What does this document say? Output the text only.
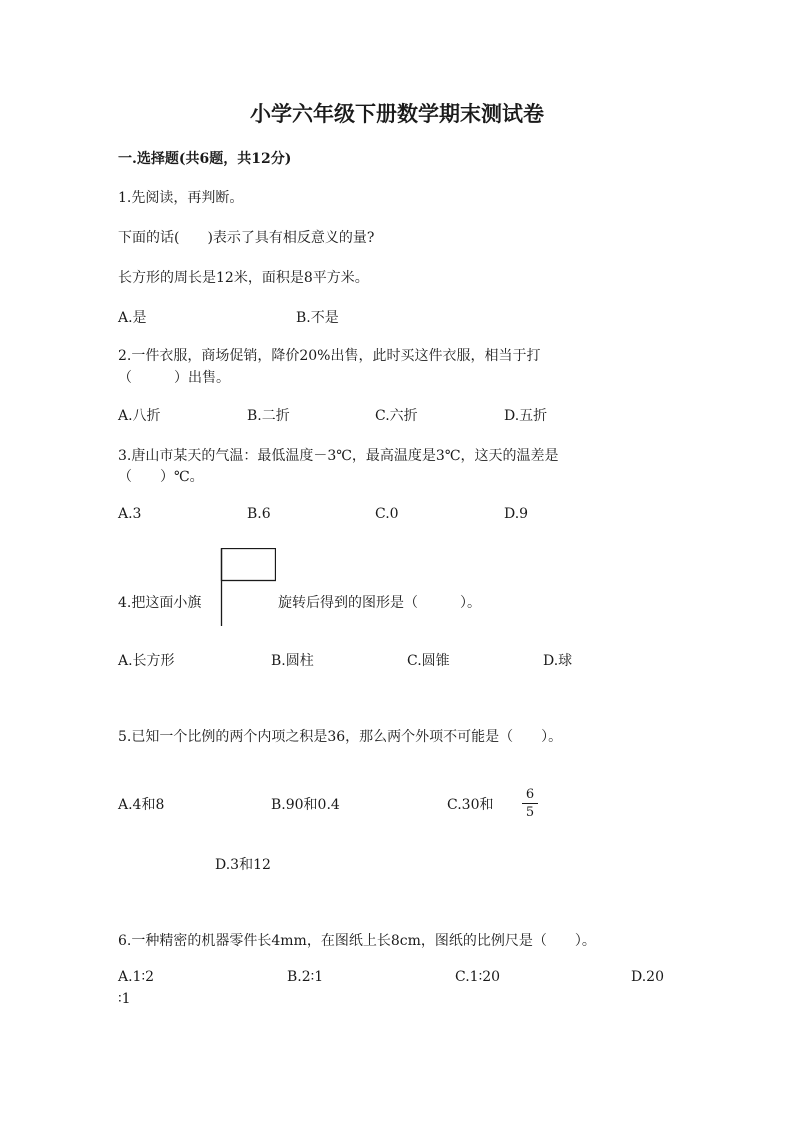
小学六年级下册数学期末测试卷
一.选择题(共6题，共12分)
1.先阅读，再判断。
下面的话(　　)表示了具有相反意义的量?
长方形的周长是12米，面积是8平方米。
A.是	B.不是
2.一件衣服，商场促销，降价20%出售，此时买这件衣服，相当于打
（　　　）出售。
A.八折	B.二折	C.六折	D.五折
3.唐山市某天的气温：最低温度－3℃，最高温度是3℃，这天的温差是
（　　）℃。
A.3	B.6	C.0	D.9
4.把这面小旗	旋转后得到的图形是（　　　）。
A.长方形	B.圆柱	C.圆锥	D.球
5.已知一个比例的两个内项之积是36，那么两个外项不可能是（　　）。
A.4和8	B.90和0.4	C.30和
6
5
D.3和12
6.一种精密的机器零件长4mm，在图纸上长8cm，图纸的比例尺是（　　）。
A.1∶2	B.2∶1	C.1∶20	D.20
∶1
